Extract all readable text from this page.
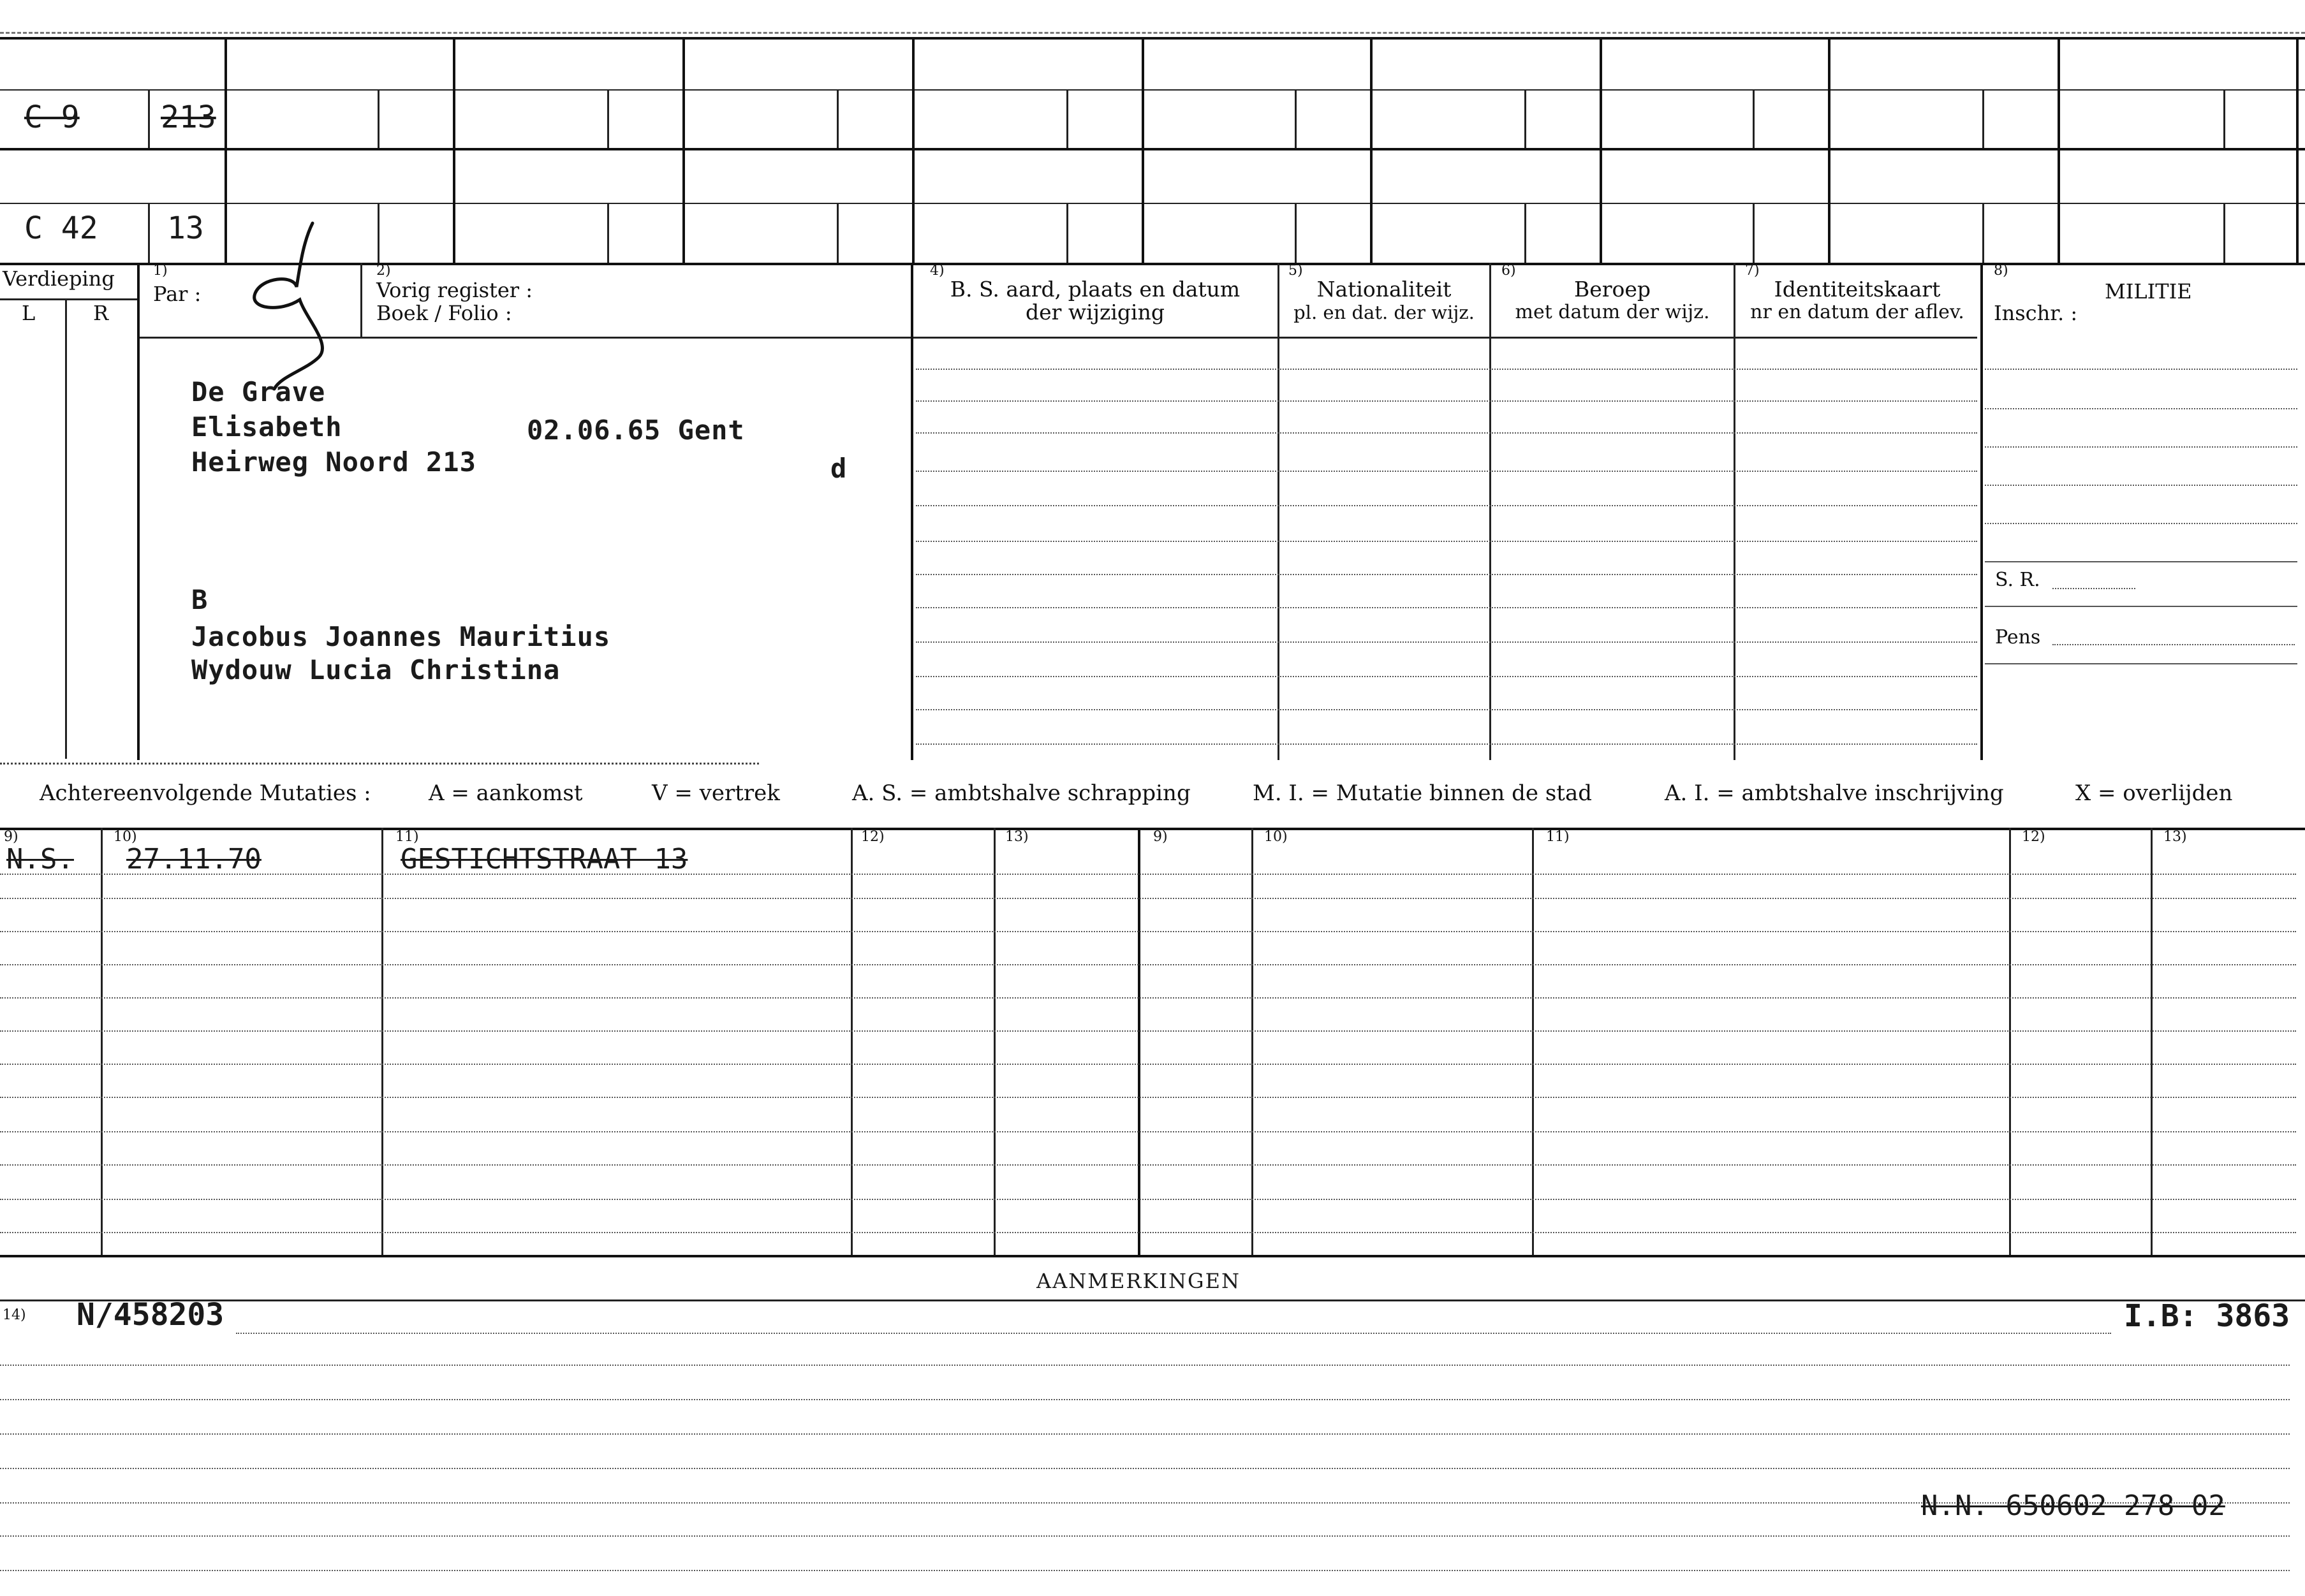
C 9	213
C 42 13
Verdieping
L	R
1)
Par :
2)
Vorig register :
Boek / Folio :
4)
B. S. aard, plaats en datum
der wijziging
5)
Nationaliteit
pl. en dat. der wijz.
6)
Beroep
met datum der wijz.
7)
Identiteitskaart
nr en datum der aflev.
8)
MILITIE
Inschr. :
S. R.
Pens
De Grave
Elisabeth	02.06.65 Gent
Heirweg Noord 213	d
B
Jacobus Joannes Mauritius
Wydouw Lucia Christina
Achtereenvolgende Mutaties :	A = aankomst	V = vertrek	A. S. = ambtshalve schrapping	M. I. = Mutatie binnen de stad	A. I. = ambtshalve inschrijving	X = overlijden
9)	10)	11)	12)	13)	9)	10)	11)	12)	13)
N.S. 27.11.70	GESTICHTSTRAAT 13
AANMERKINGEN
14) N/458203	I.B: 3863
N.N. 650602 278 02
